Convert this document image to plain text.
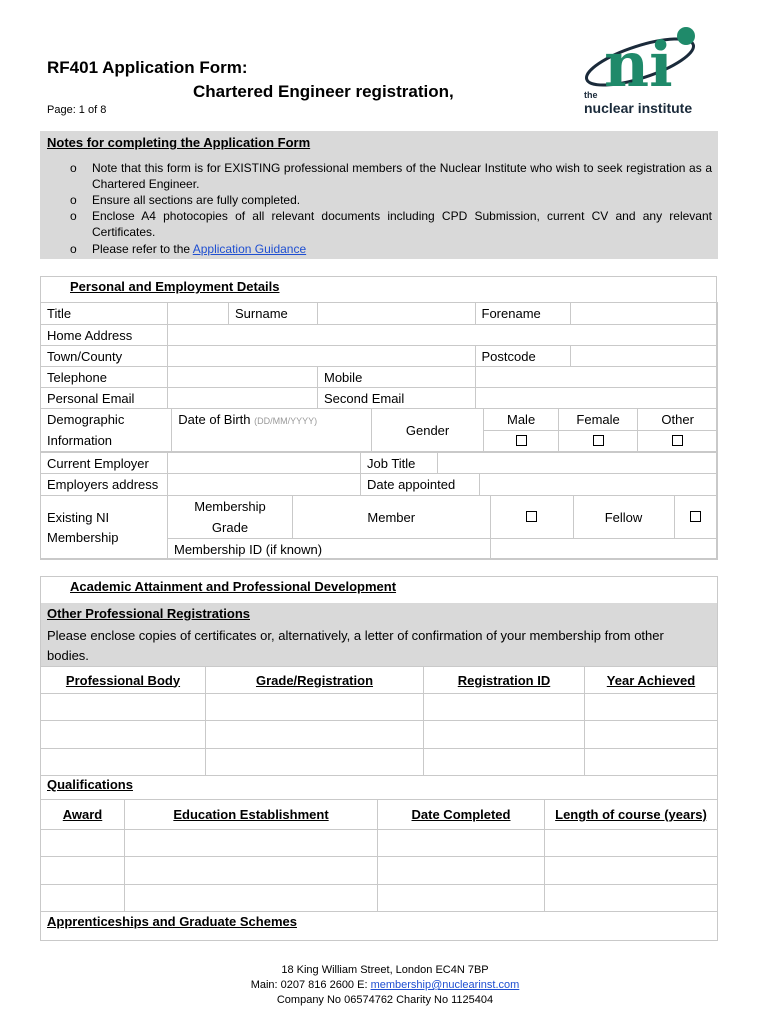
RF401 Application Form:
Chartered Engineer registration,
Page: 1 of 8
ni
the
nuclear institute
Notes for completing the Application Form
o Note that this form is for EXISTING professional members of the Nuclear Institute who wish to seek registration as a Chartered Engineer.
o Ensure all sections are fully completed.
o Enclose A4 photocopies of all relevant documents including CPD Submission, current CV and any relevant Certificates.
o Please refer to the Application Guidance
Personal and Employment Details
Title		Surname		Forename	
Home Address					
Town/County				Postcode	
Telephone			Mobile		
Personal Email			Second Email		
Demographic
Information	Date of Birth (DD/MM/YYYY)	Gender	Male	Female	Other

Current Employer		Job Title	
Employers address		Date appointed	
Existing NI
Membership	Membership
Grade	Member		Fellow	
	Membership ID (if known)				
Academic Attainment and Professional Development
Other Professional Registrations
Please enclose copies of certificates or, alternatively, a letter of confirmation of your membership from other bodies.
Professional Body	Grade/Registration	Registration ID	Year Achieved

Qualifications
Award	Education Establishment	Date Completed	Length of course (years)

Apprenticeships and Graduate Schemes
18 King William Street, London EC4N 7BP
Main: 0207 816 2600 E: membership@nuclearinst.com
Company No 06574762 Charity No 1125404
